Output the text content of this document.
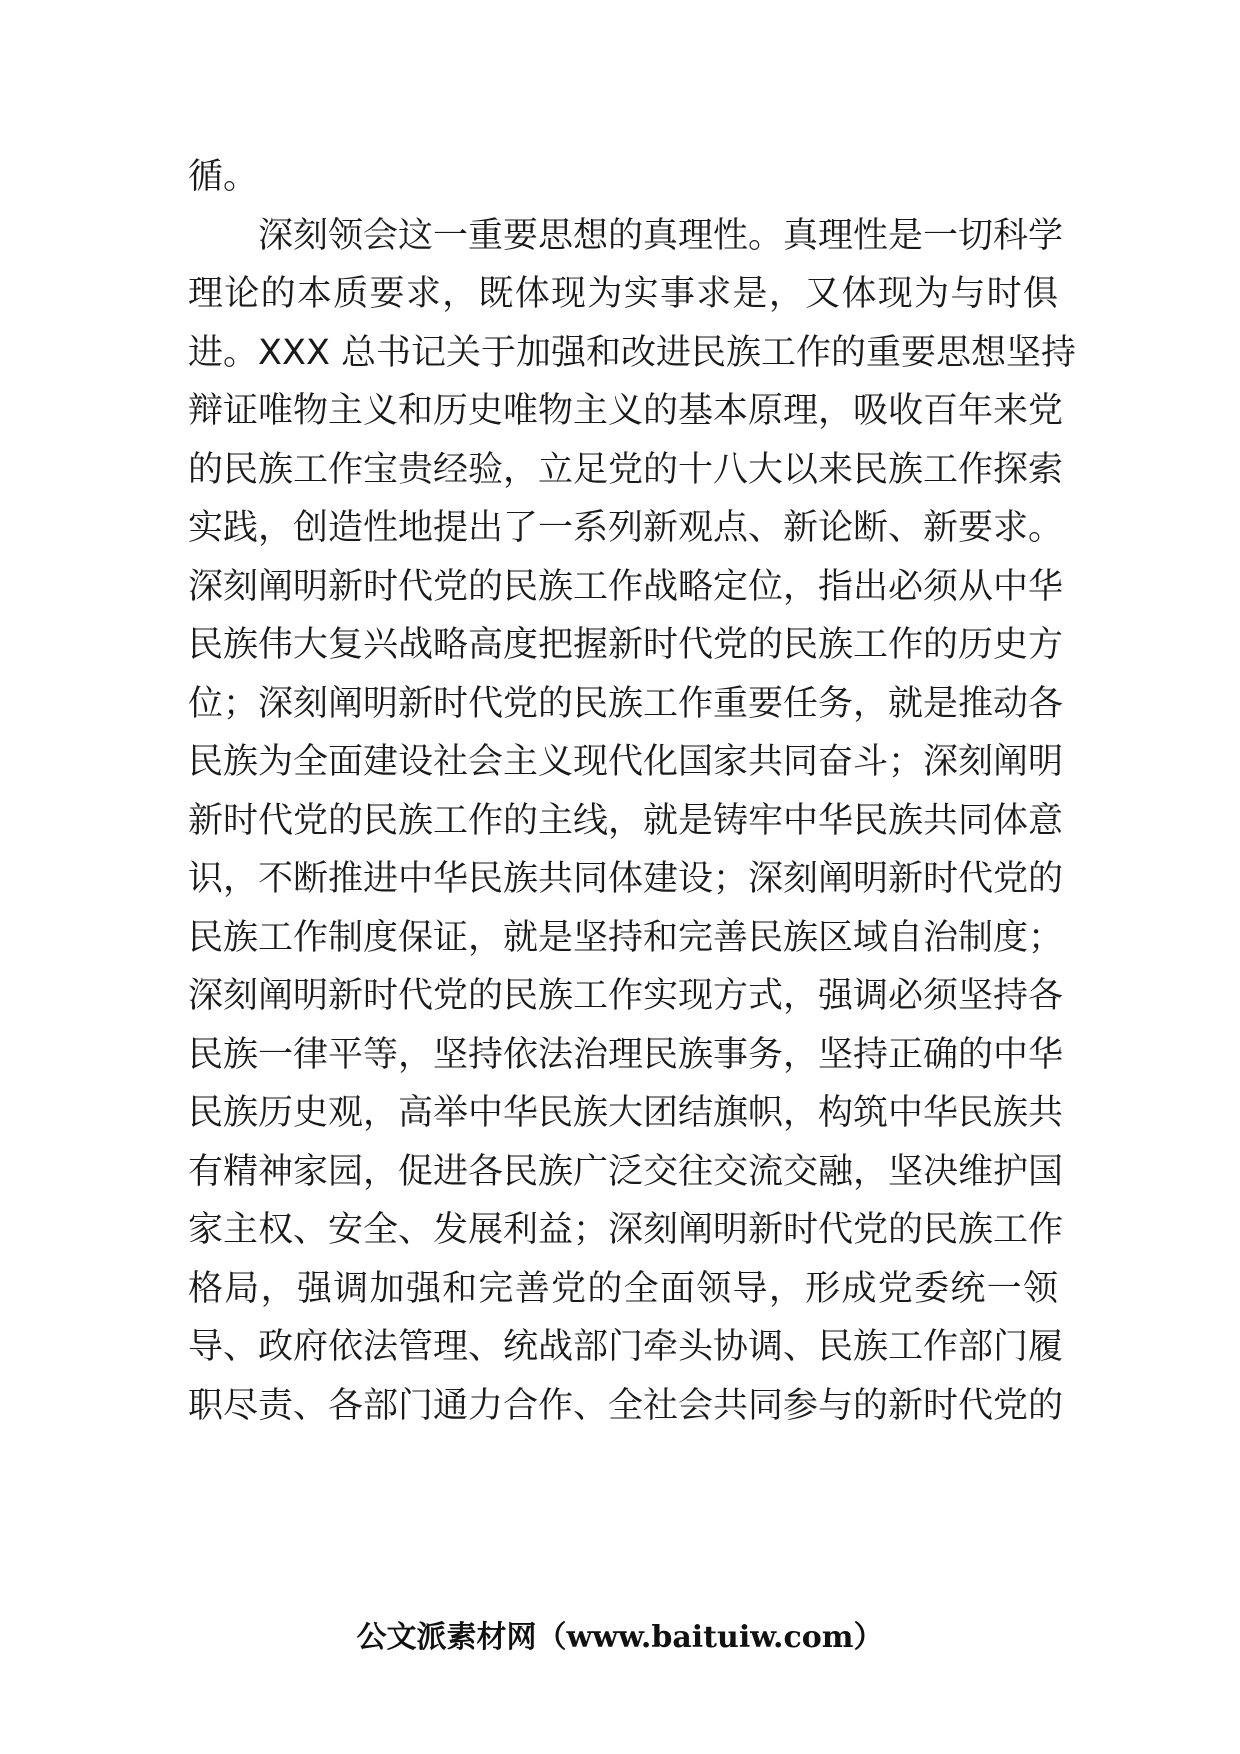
循。
深刻领会这一重要思想的真理性。真理性是一切科学
理论的本质要求，既体现为实事求是，又体现为与时俱
进。XXX 总书记关于加强和改进民族工作的重要思想坚持
辩证唯物主义和历史唯物主义的基本原理，吸收百年来党
的民族工作宝贵经验，立足党的十八大以来民族工作探索
实践，创造性地提出了一系列新观点、新论断、新要求。
深刻阐明新时代党的民族工作战略定位，指出必须从中华
民族伟大复兴战略高度把握新时代党的民族工作的历史方
位；深刻阐明新时代党的民族工作重要任务，就是推动各
民族为全面建设社会主义现代化国家共同奋斗；深刻阐明
新时代党的民族工作的主线，就是铸牢中华民族共同体意
识，不断推进中华民族共同体建设；深刻阐明新时代党的
民族工作制度保证，就是坚持和完善民族区域自治制度；
深刻阐明新时代党的民族工作实现方式，强调必须坚持各
民族一律平等，坚持依法治理民族事务，坚持正确的中华
民族历史观，高举中华民族大团结旗帜，构筑中华民族共
有精神家园，促进各民族广泛交往交流交融，坚决维护国
家主权、安全、发展利益；深刻阐明新时代党的民族工作
格局，强调加强和完善党的全面领导，形成党委统一领
导、政府依法管理、统战部门牵头协调、民族工作部门履
职尽责、各部门通力合作、全社会共同参与的新时代党的
公文派素材网（www.baituiw.com）
